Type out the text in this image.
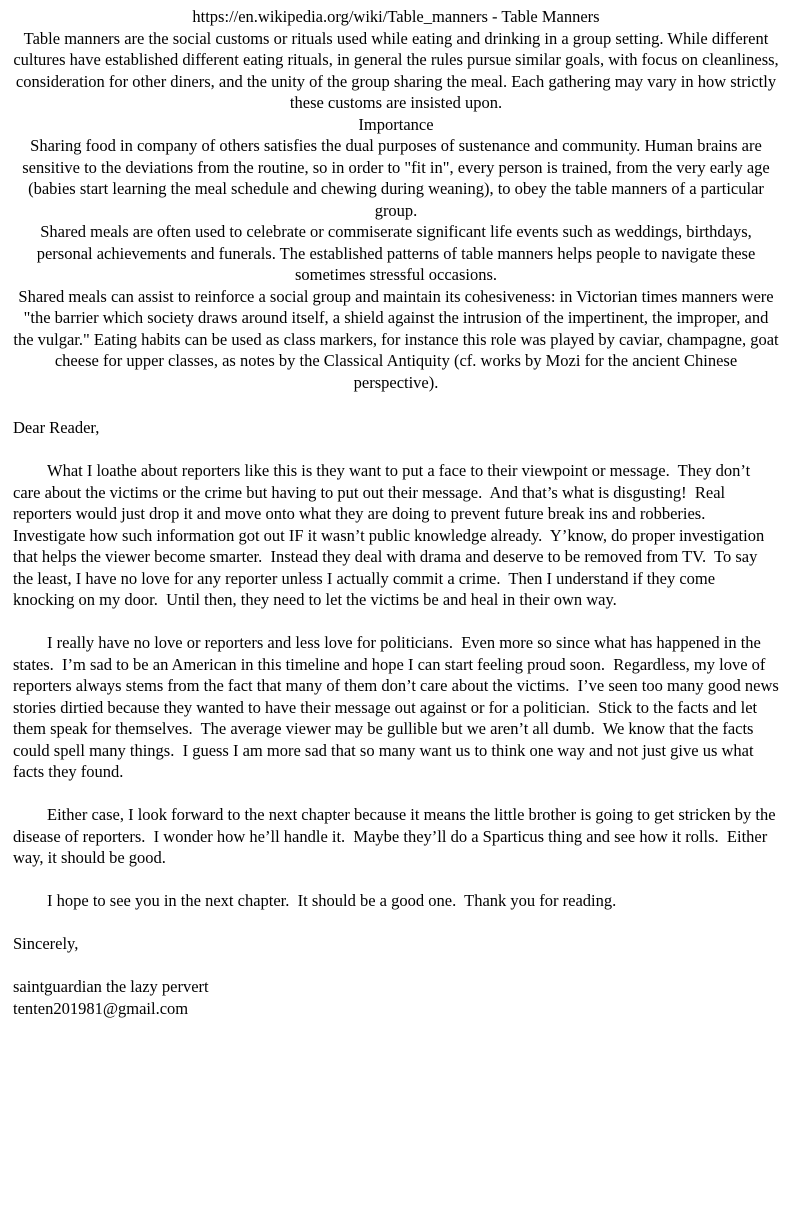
https://en.wikipedia.org/wiki/Table_manners - Table Manners
Table manners are the social customs or rituals used while eating and drinking in a group setting. While different cultures have established different eating rituals, in general the rules pursue similar goals, with focus on cleanliness, consideration for other diners, and the unity of the group sharing the meal. Each gathering may vary in how strictly these customs are insisted upon.
Importance

Sharing food in company of others satisfies the dual purposes of sustenance and community. Human brains are sensitive to the deviations from the routine, so in order to "fit in", every person is trained, from the very early age (babies start learning the meal schedule and chewing during weaning), to obey the table manners of a particular group.

Shared meals are often used to celebrate or commiserate significant life events such as weddings, birthdays, personal achievements and funerals. The established patterns of table manners helps people to navigate these sometimes stressful occasions.

Shared meals can assist to reinforce a social group and maintain its cohesiveness: in Victorian times manners were "the barrier which society draws around itself, a shield against the intrusion of the impertinent, the improper, and the vulgar." Eating habits can be used as class markers, for instance this role was played by caviar, champagne, goat cheese for upper classes, as notes by the Classical Antiquity (cf. works by Mozi for the ancient Chinese perspective).

Dear Reader,

What I loathe about reporters like this is they want to put a face to their viewpoint or message.  They don’t care about the victims or the crime but having to put out their message.  And that’s what is disgusting!  Real reporters would just drop it and move onto what they are doing to prevent future break ins and robberies.  Investigate how such information got out IF it wasn’t public knowledge already.  Y’know, do proper investigation that helps the viewer become smarter.  Instead they deal with drama and deserve to be removed from TV.  To say the least, I have no love for any reporter unless I actually commit a crime.  Then I understand if they come knocking on my door.  Until then, they need to let the victims be and heal in their own way.

I really have no love or reporters and less love for politicians.  Even more so since what has happened in the states.  I’m sad to be an American in this timeline and hope I can start feeling proud soon.  Regardless, my love of reporters always stems from the fact that many of them don’t care about the victims.  I’ve seen too many good news stories dirtied because they wanted to have their message out against or for a politician.  Stick to the facts and let them speak for themselves.  The average viewer may be gullible but we aren’t all dumb.  We know that the facts could spell many things.  I guess I am more sad that so many want us to think one way and not just give us what facts they found.

Either case, I look forward to the next chapter because it means the little brother is going to get stricken by the disease of reporters.  I wonder how he’ll handle it.  Maybe they’ll do a Sparticus thing and see how it rolls.  Either way, it should be good.

I hope to see you in the next chapter.  It should be a good one.  Thank you for reading.

Sincerely,
saintguardian the lazy pervert
tenten201981@gmail.com
